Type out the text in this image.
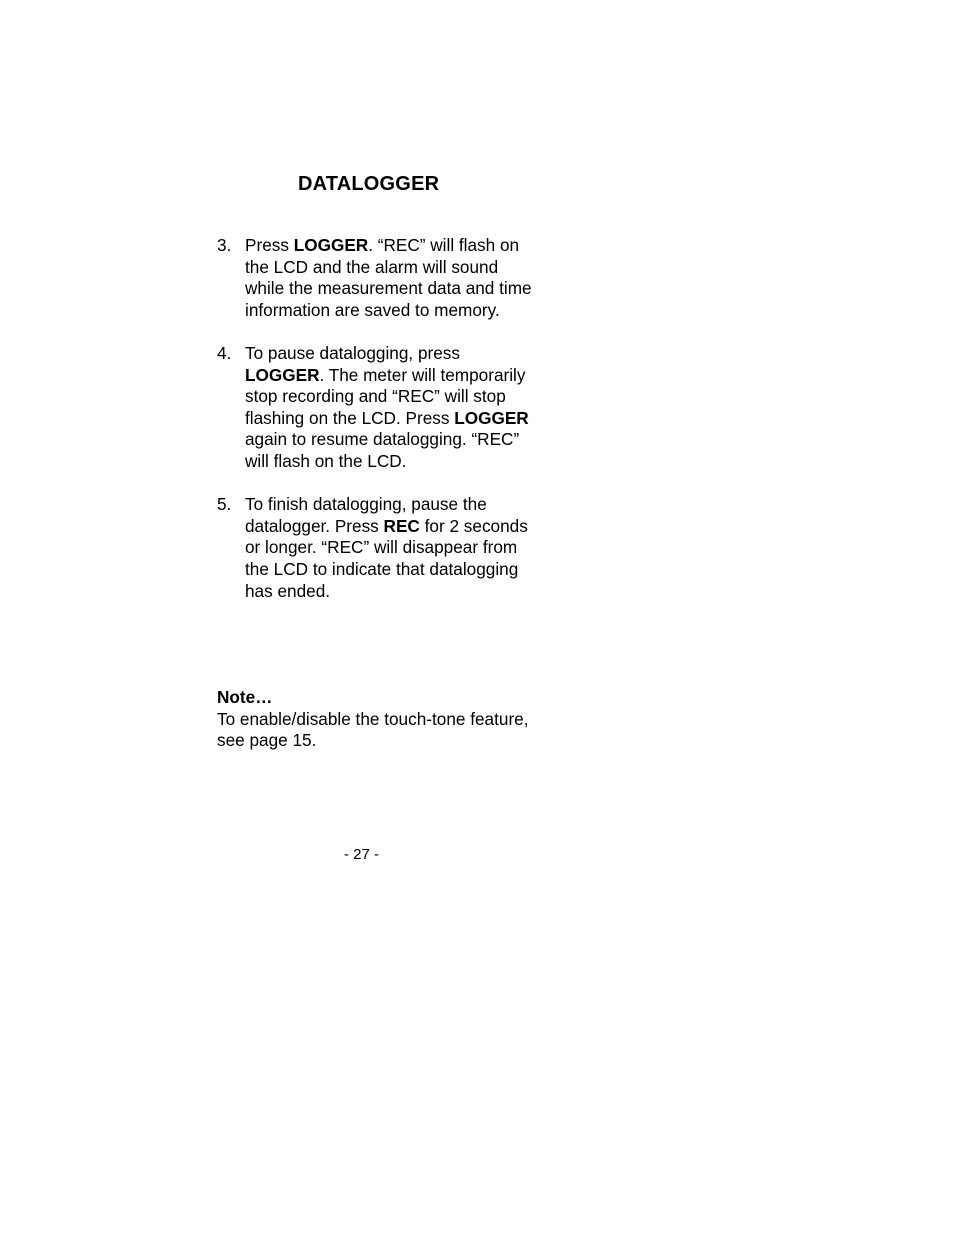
DATALOGGER
3. Press LOGGER. “REC” will flash on the LCD and the alarm will sound while the measurement data and time information are saved to memory.
4. To pause datalogging, press LOGGER. The meter will temporarily stop recording and “REC” will stop flashing on the LCD. Press LOGGER again to resume datalogging. “REC” will flash on the LCD.
5. To finish datalogging, pause the datalogger. Press REC for 2 seconds or longer. “REC” will disappear from the LCD to indicate that datalogging has ended.
Note…
To enable/disable the touch-tone feature, see page 15.
- 27 -
